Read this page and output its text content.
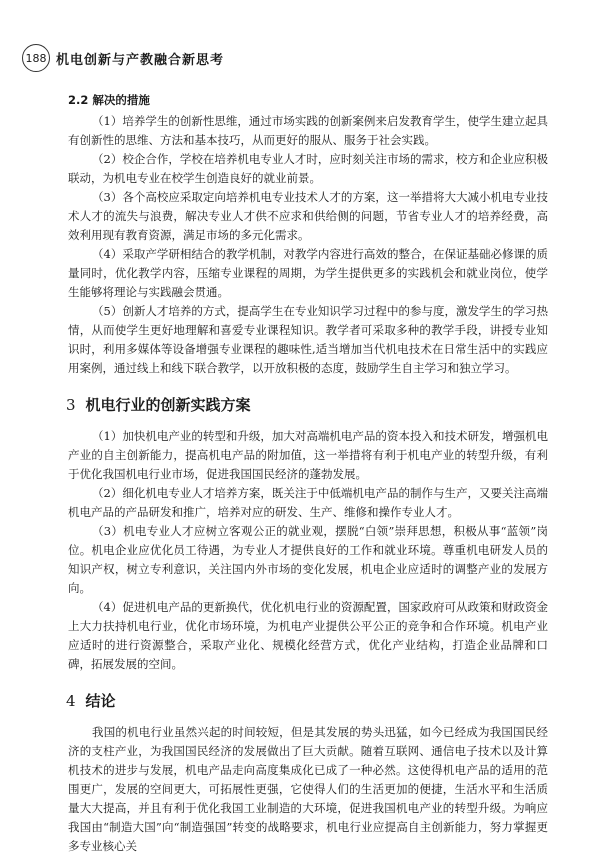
188 机电创新与产教融合新思考
2.2 解决的措施

（1）培养学生的创新性思维，通过市场实践的创新案例来启发教育学生，使学生建立起具有创新性的思维、方法和基本技巧，从而更好的服从、服务于社会实践。

（2）校企合作，学校在培养机电专业人才时，应时刻关注市场的需求，校方和企业应积极联动，为机电专业在校学生创造良好的就业前景。

（3）各个高校应采取定向培养机电专业技术人才的方案，这一举措将大大减小机电专业技术人才的流失与浪费，解决专业人才供不应求和供给侧的问题，节省专业人才的培养经费，高效利用现有教育资源，满足市场的多元化需求。

（4）采取产学研相结合的教学机制，对教学内容进行高效的整合，在保证基础必修课的质量同时，优化教学内容，压缩专业课程的周期，为学生提供更多的实践机会和就业岗位，使学生能够将理论与实践融会贯通。

（5）创新人才培养的方式，提高学生在专业知识学习过程中的参与度，激发学生的学习热情，从而使学生更好地理解和喜爱专业课程知识。教学者可采取多种的教学手段，讲授专业知识时，利用多媒体等设备增强专业课程的趣味性,适当增加当代机电技术在日常生活中的实践应用案例，通过线上和线下联合教学，以开放积极的态度，鼓励学生自主学习和独立学习。

3 机电行业的创新实践方案

（1）加快机电产业的转型和升级，加大对高端机电产品的资本投入和技术研发，增强机电产业的自主创新能力，提高机电产品的附加值，这一举措将有利于机电产业的转型升级，有利于优化我国机电行业市场，促进我国国民经济的蓬勃发展。

（2）细化机电专业人才培养方案，既关注于中低端机电产品的制作与生产，又要关注高端机电产品的产品研发和推广，培养对应的研发、生产、维修和操作专业人才。

（3）机电专业人才应树立客观公正的就业观，摆脱“白领”崇拜思想，积极从事“蓝领”岗位。机电企业应优化员工待遇，为专业人才提供良好的工作和就业环境。尊重机电研发人员的知识产权，树立专利意识，关注国内外市场的变化发展，机电企业应适时的调整产业的发展方向。

（4）促进机电产品的更新换代，优化机电行业的资源配置，国家政府可从政策和财政资金上大力扶持机电行业，优化市场环境，为机电产业提供公平公正的竞争和合作环境。机电产业应适时的进行资源整合，采取产业化、规模化经营方式，优化产业结构，打造企业品牌和口碑，拓展发展的空间。

4 结论

我国的机电行业虽然兴起的时间较短，但是其发展的势头迅猛，如今已经成为我国国民经济的支柱产业，为我国国民经济的发展做出了巨大贡献。随着互联网、通信电子技术以及计算机技术的进步与发展，机电产品走向高度集成化已成了一种必然。这使得机电产品的适用的范围更广，发展的空间更大，可拓展性更强，它使得人们的生活更加的便捷，生活水平和生活质量大大提高，并且有利于优化我国工业制造的大环境，促进我国机电产业的转型升级。为响应我国由“制造大国”向“制造强国”转变的战略要求，机电行业应提高自主创新能力，努力掌握更多专业核心关
